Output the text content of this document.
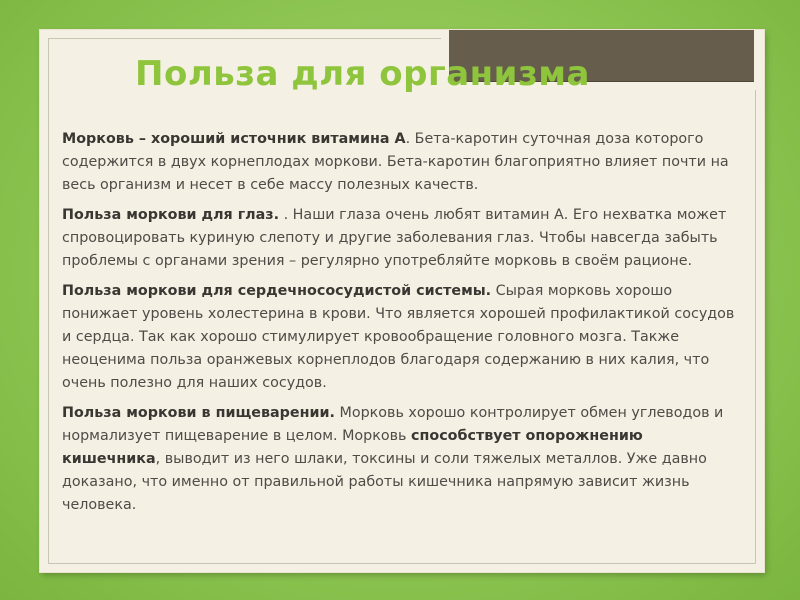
Польза для организма

Морковь – хороший источник витамина А. Бета-каротин суточная доза которого содержится в двух корнеплодах моркови. Бета-каротин благоприятно влияет почти на весь организм и несет в себе массу полезных качеств.

Польза моркови для глаз. . Наши глаза очень любят витамин А. Его нехватка может спровоцировать куриную слепоту и другие заболевания глаз. Чтобы навсегда забыть проблемы с органами зрения – регулярно употребляйте морковь в своём рационе.

Польза моркови для сердечнососудистой системы. Сырая морковь хорошо понижает уровень холестерина в крови. Что является хорошей профилактикой сосудов и сердца. Так как хорошо стимулирует кровообращение головного мозга. Также неоценима польза оранжевых корнеплодов благодаря содержанию в них калия, что очень полезно для наших сосудов.

Польза моркови в пищеварении. Морковь хорошо контролирует обмен углеводов и нормализует пищеварение в целом. Морковь способствует опорожнению кишечника, выводит из него шлаки, токсины и соли тяжелых металлов. Уже давно доказано, что именно от правильной работы кишечника напрямую зависит жизнь человека.
